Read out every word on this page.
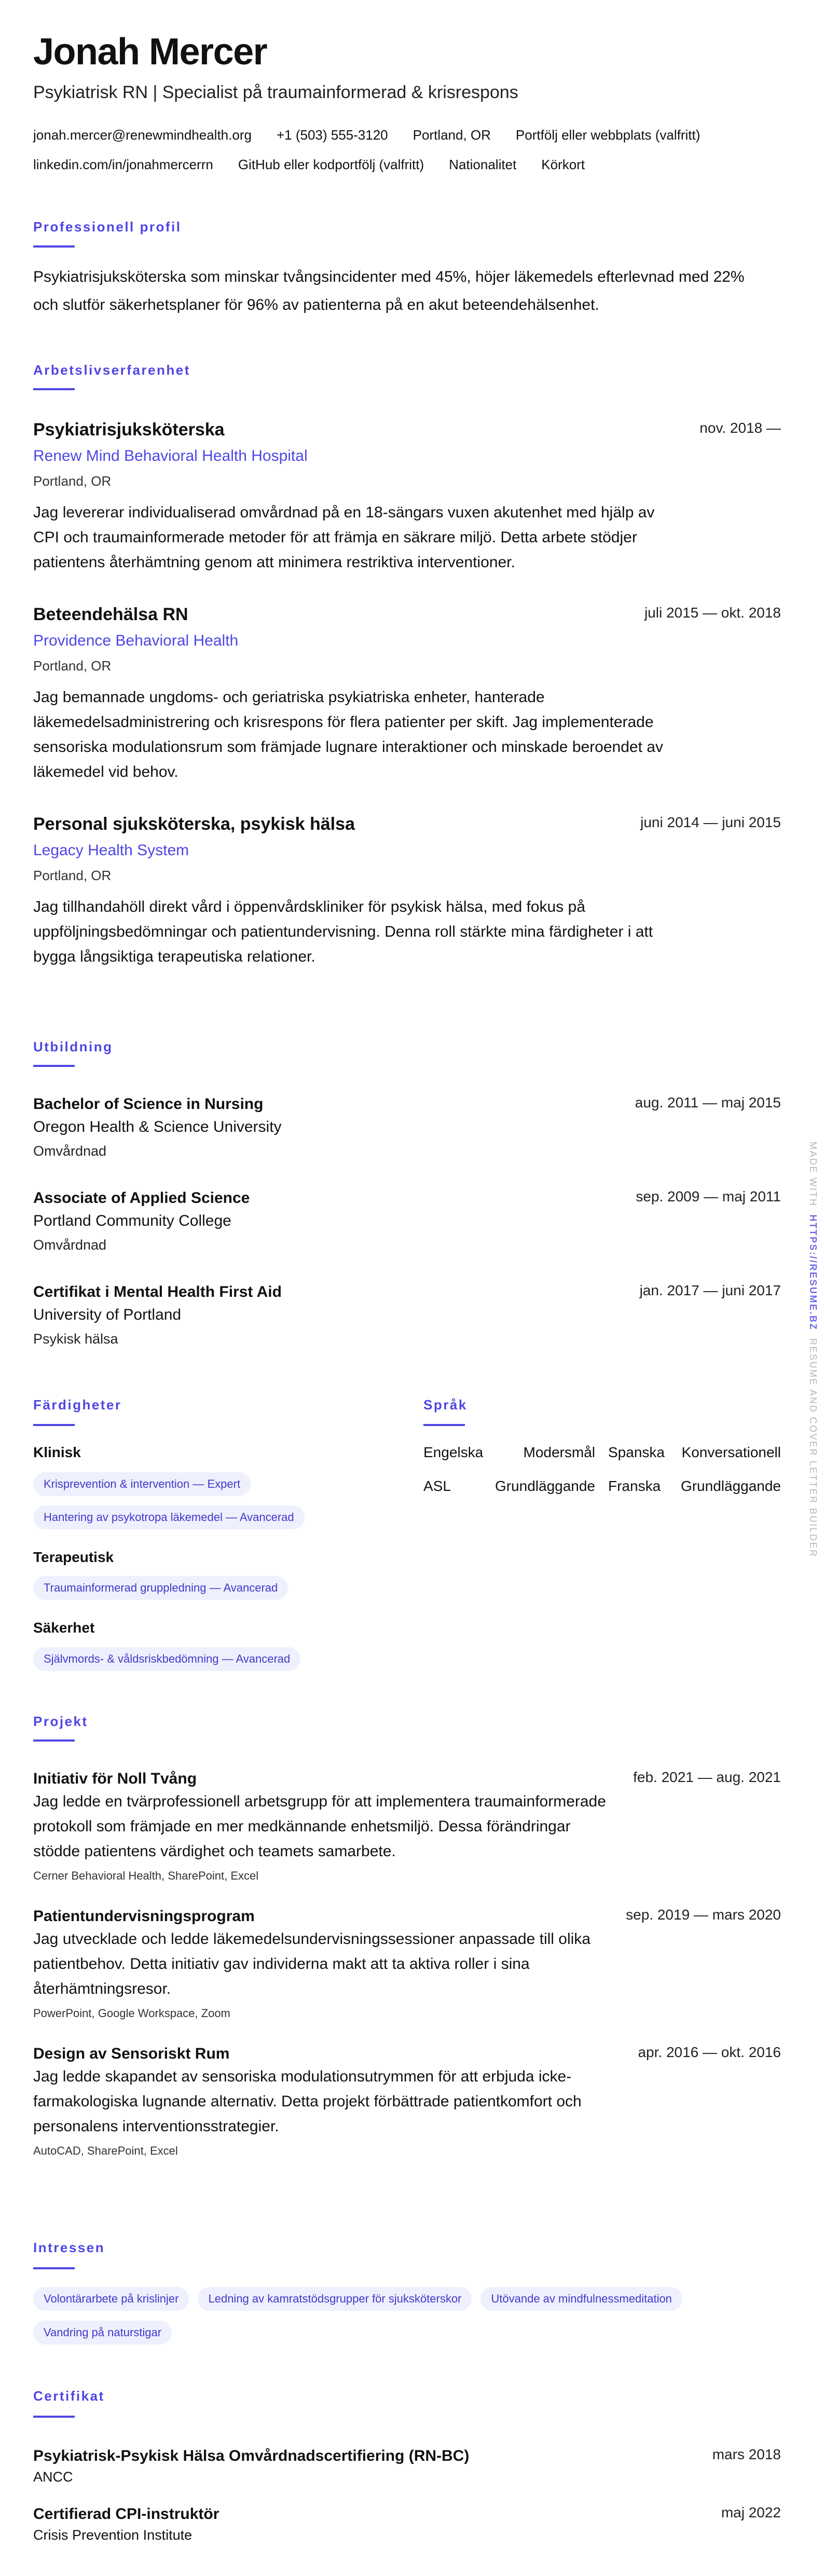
Jonah Mercer
Psykiatrisk RN | Specialist på traumainformerad & krisrespons
jonah.mercer@renewmindhealth.org +1 (503) 555-3120 Portland, OR Portfölj eller webbplats (valfritt)
linkedin.com/in/jonahmercerrn GitHub eller kodportfölj (valfritt) Nationalitet Körkort
Professionell profil
Psykiatrisjuksköterska som minskar tvångsincidenter med 45%, höjer läkemedels efterlevnad med 22% och slutför säkerhetsplaner för 96% av patienterna på en akut beteendehälsenhet.
Arbetslivserfarenhet
Psykiatrisjuksköterska	nov. 2018 —
Renew Mind Behavioral Health Hospital
Portland, OR
Jag levererar individualiserad omvårdnad på en 18-sängars vuxen akutenhet med hjälp av CPI och traumainformerade metoder för att främja en säkrare miljö. Detta arbete stödjer patientens återhämtning genom att minimera restriktiva interventioner.
Beteendehälsa RN	juli 2015 — okt. 2018
Providence Behavioral Health
Portland, OR
Jag bemannade ungdoms- och geriatriska psykiatriska enheter, hanterade läkemedelsadministrering och krisrespons för flera patienter per skift. Jag implementerade sensoriska modulationsrum som främjade lugnare interaktioner och minskade beroendet av läkemedel vid behov.
Personal sjuksköterska, psykisk hälsa	juni 2014 — juni 2015
Legacy Health System
Portland, OR
Jag tillhandahöll direkt vård i öppenvårdskliniker för psykisk hälsa, med fokus på uppföljningsbedömningar och patientundervisning. Denna roll stärkte mina färdigheter i att bygga långsiktiga terapeutiska relationer.
Utbildning
Bachelor of Science in Nursing	aug. 2011 — maj 2015
Oregon Health & Science University
Omvårdnad
Associate of Applied Science	sep. 2009 — maj 2011
Portland Community College
Omvårdnad
Certifikat i Mental Health First Aid	jan. 2017 — juni 2017
University of Portland
Psykisk hälsa
Färdigheter
Klinisk
Krisprevention & intervention — Expert
Hantering av psykotropa läkemedel — Avancerad
Terapeutisk
Traumainformerad gruppledning — Avancerad
Säkerhet
Självmords- & våldsriskbedömning — Avancerad
Språk
Engelska	Modersmål Spanska Konversationell
ASL	Grundläggande Franska Grundläggande
Projekt
Initiativ för Noll Tvång	feb. 2021 — aug. 2021
Jag ledde en tvärprofessionell arbetsgrupp för att implementera traumainformerade protokoll som främjade en mer medkännande enhetsmiljö. Dessa förändringar stödde patientens värdighet och teamets samarbete.
Cerner Behavioral Health, SharePoint, Excel
Patientundervisningsprogram	sep. 2019 — mars 2020
Jag utvecklade och ledde läkemedelsundervisningssessioner anpassade till olika patientbehov. Detta initiativ gav individerna makt att ta aktiva roller i sina återhämtningsresor.
PowerPoint, Google Workspace, Zoom
Design av Sensoriskt Rum	apr. 2016 — okt. 2016
Jag ledde skapandet av sensoriska modulationsutrymmen för att erbjuda icke-farmakologiska lugnande alternativ. Detta projekt förbättrade patientkomfort och personalens interventionsstrategier.
AutoCAD, SharePoint, Excel
Intressen
Volontärarbete på krislinjer	Ledning av kamratstödsgrupper för sjuksköterskor	Utövande av mindfulnessmeditation
Vandring på naturstigar
Certifikat
Psykiatrisk-Psykisk Hälsa Omvårdnadscertifiering (RN-BC)	mars 2018
ANCC
Certifierad CPI-instruktör	maj 2022
Crisis Prevention Institute
MADE WITH  HTTPS://RESUME.BZ  RESUME AND COVER LETTER BUILDER
